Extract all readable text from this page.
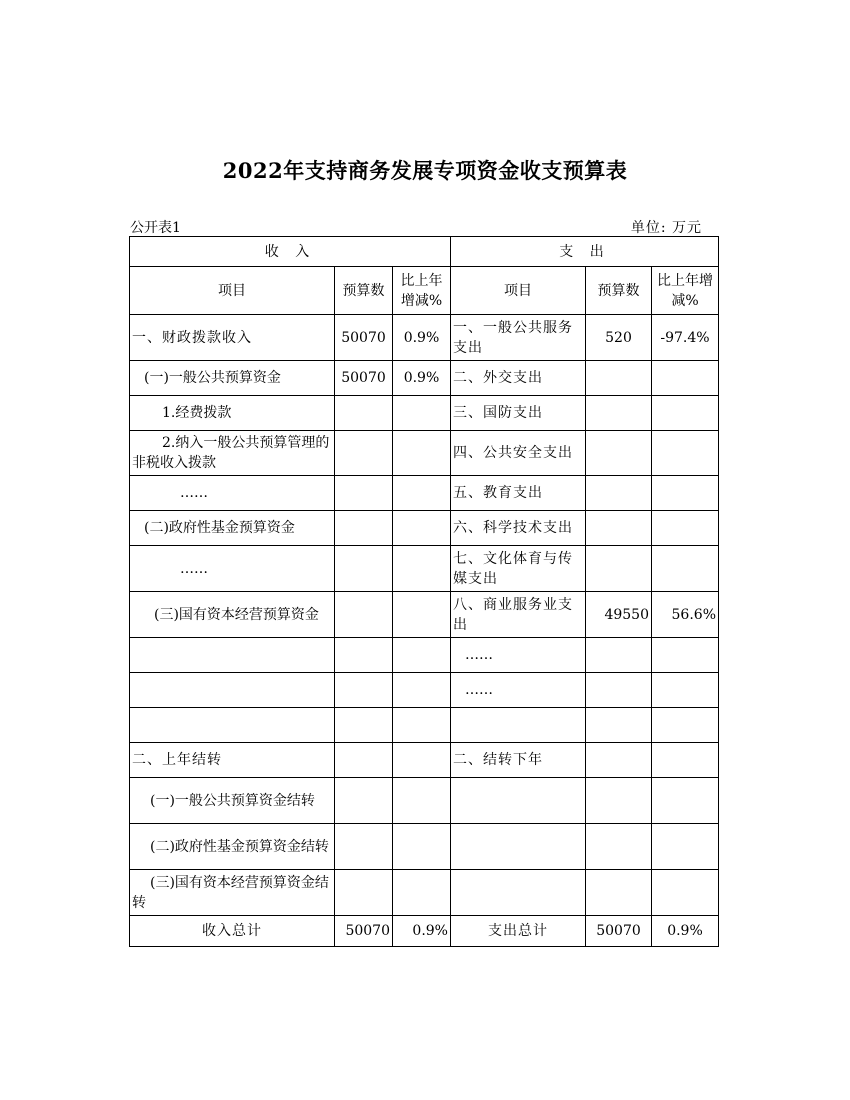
2022年支持商务发展专项资金收支预算表
公开表1	单位: 万元
收 入			支 出		
项目	预算数	比上年增减%	项目	预算数	比上年增减%
一、财政拨款收入	50070	0.9%	一、一般公共服务支出	520	-97.4%
(一)一般公共预算资金	50070	0.9%	二、外交支出		
1.经费拨款			三、国防支出		
2.纳入一般公共预算管理的非税收入拨款			四、公共安全支出		
……			五、教育支出		
(二)政府性基金预算资金			六、科学技术支出		
……			七、文化体育与传媒支出		
(三)国有资本经营预算资金			八、商业服务业支出	49550	56.6%
			……		
			……		

二、上年结转			二、结转下年		
(一)一般公共预算资金结转					
(二)政府性基金预算资金结转					
(三)国有资本经营预算资金结转					
收入总计	50070	0.9%	支出总计	50070	0.9%
